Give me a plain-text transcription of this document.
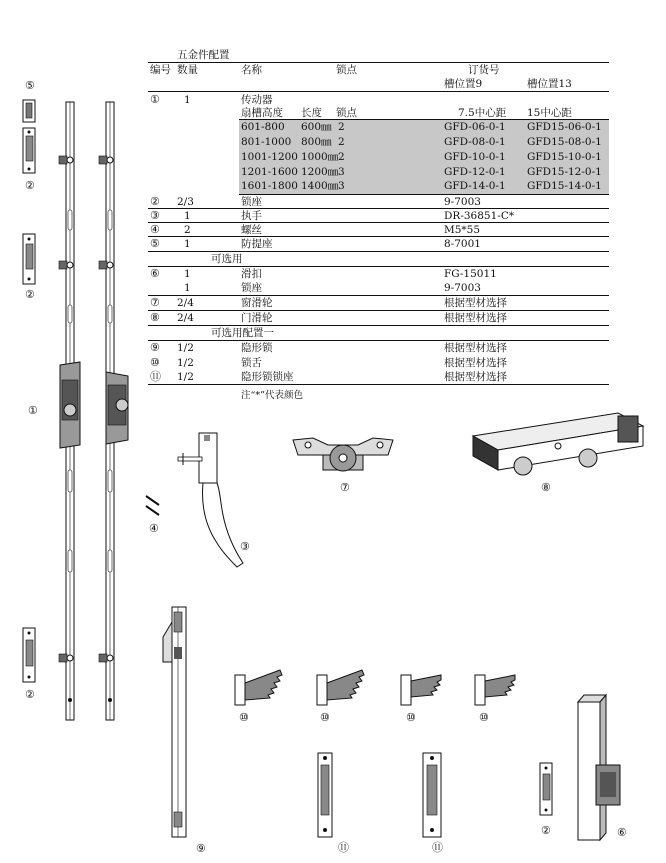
五金件配置
编号 数量	名称	锁点	订货号
槽位置9	槽位置13
① 1	传动器
扇槽高度 长度 锁点	7.5中心距 15中心距
601-800 600㎜ 2	GFD-06-0-1 GFD15-06-0-1
801-1000 800㎜ 2	GFD-08-0-1 GFD15-08-0-1
1001-1200 1000㎜ 2	GFD-10-0-1 GFD15-10-0-1
1201-1600 1200㎜ 3	GFD-12-0-1 GFD15-12-0-1
1601-1800 1400㎜ 3	GFD-14-0-1 GFD15-14-0-1
② 2/3	锁座	9-7003
③ 1	执手	DR-36851-C*
④ 2	螺丝	M5*55
⑤ 1	防提座	8-7001
可选用
⑥ 1	滑扣	FG-15011
1	锁座	9-7003
⑦ 2/4	窗滑轮	根据型材选择
⑧ 2/4	门滑轮	根据型材选择
可选用配置一
⑨ 1/2	隐形锁	根据型材选择
⑩ 1/2	锁舌	根据型材选择
⑪ 1/2	隐形锁锁座	根据型材选择
注“*”代表颜色
⑤
②
②
①
②
④
③
⑦	⑧
⑨
⑩	⑩	⑩	⑩
⑪	⑪
②	⑥
